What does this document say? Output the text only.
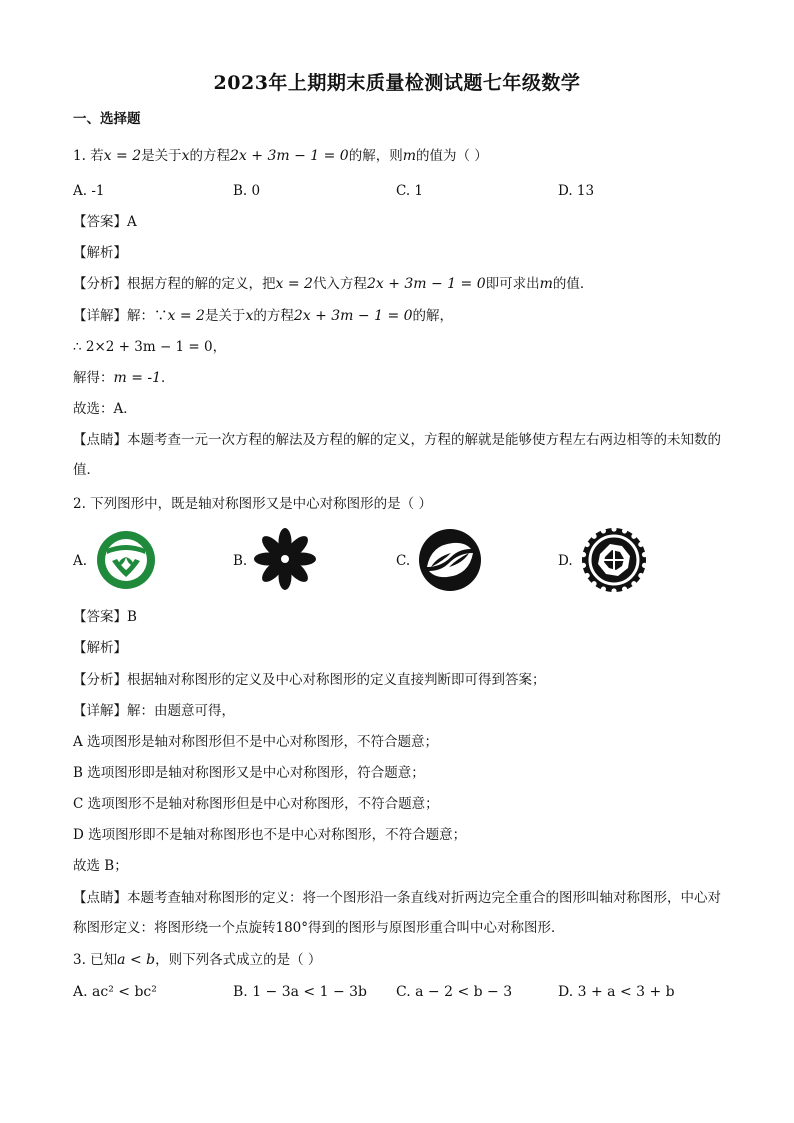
2023年上期期末质量检测试题七年级数学
一、选择题
1. 若x = 2是关于x的方程2x + 3m − 1 = 0的解，则m的值为（ ）
A. -1	B. 0	C. 1	D. 13
【答案】A
【解析】
【分析】根据方程的解的定义，把x = 2代入方程2x + 3m − 1 = 0即可求出m的值．
【详解】解：∵x = 2是关于x的方程2x + 3m − 1 = 0的解，
∴ 2×2 + 3m − 1 = 0，
解得：m = -1．
故选：A．
【点睛】本题考查一元一次方程的解法及方程的解的定义，方程的解就是能够使方程左右两边相等的未知数的值．
2. 下列图形中，既是轴对称图形又是中心对称图形的是（ ）
A.	B.	C.	D.
【答案】B
【解析】
【分析】根据轴对称图形的定义及中心对称图形的定义直接判断即可得到答案；
【详解】解：由题意可得，
A 选项图形是轴对称图形但不是中心对称图形，不符合题意；
B 选项图形即是轴对称图形又是中心对称图形，符合题意；
C 选项图形不是轴对称图形但是中心对称图形，不符合题意；
D 选项图形即不是轴对称图形也不是中心对称图形，不符合题意；
故选 B；
【点睛】本题考查轴对称图形的定义：将一个图形沿一条直线对折两边完全重合的图形叫轴对称图形，中心对称图形定义：将图形绕一个点旋转180°得到的图形与原图形重合叫中心对称图形．
3. 已知a < b，则下列各式成立的是（ ）
A. ac² < bc²	B. 1 − 3a < 1 − 3b C. a − 2 < b − 3	D. 3 + a < 3 + b
